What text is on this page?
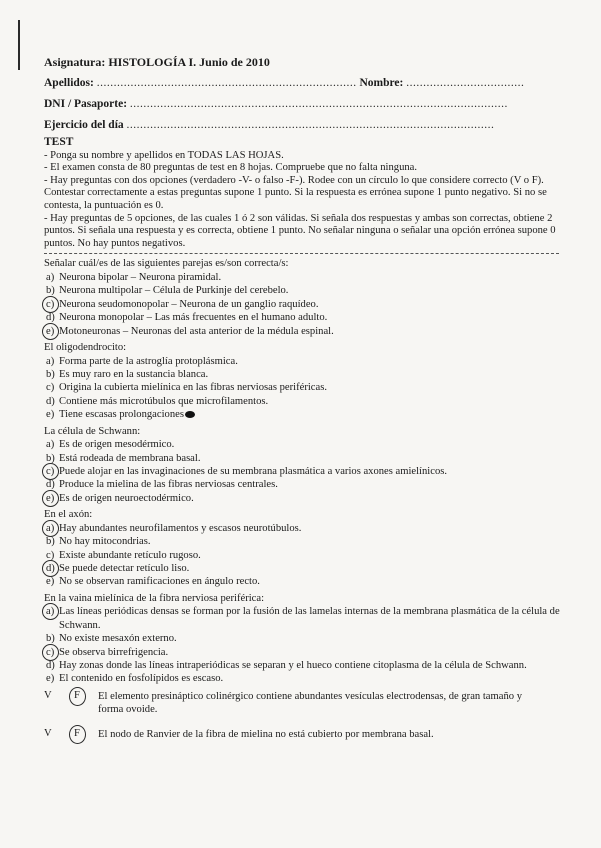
Asignatura: HISTOLOGÍA I. Junio de 2010
Apellidos: ............................................................................. Nombre: ...................................
DNI / Pasaporte: ................................................................................................................
Ejercicio del día .............................................................................................................
TEST

- Ponga su nombre y apellidos en TODAS LAS HOJAS.

- El examen consta de 80 preguntas de test en 8 hojas. Compruebe que no falta ninguna.

- Hay preguntas con dos opciones (verdadero -V- o falso -F-). Rodee con un círculo lo que considere correcto (V o F). Contestar correctamente a estas preguntas supone 1 punto. Si la respuesta es errónea supone 1 punto negativo. Si no se contesta, la puntuación es 0.

- Hay preguntas de 5 opciones, de las cuales 1 ó 2 son válidas. Si señala dos respuestas y ambas son correctas, obtiene 2 puntos. Si señala una respuesta y es correcta, obtiene 1 punto. No señalar ninguna o señalar una opción errónea supone 0 puntos. No hay puntos negativos.

Señalar cuál/es de las siguientes parejas es/son correcta/s:
a) Neurona bipolar – Neurona piramidal.
b) Neurona multipolar – Célula de Purkinje del cerebelo.
c) Neurona seudomonopolar – Neurona de un ganglio raquídeo.
d) Neurona monopolar – Las más frecuentes en el humano adulto.
e) Motoneuronas – Neuronas del asta anterior de la médula espinal.
El oligodendrocito:
a) Forma parte de la astroglía protoplásmica.
b) Es muy raro en la sustancia blanca.
c) Origina la cubierta mielínica en las fibras nerviosas periféricas.
d) Contiene más microtúbulos que microfilamentos.
e) Tiene escasas prolongaciones
La célula de Schwann:
a) Es de origen mesodérmico.
b) Está rodeada de membrana basal.
c) Puede alojar en las invaginaciones de su membrana plasmática a varios axones amielínicos.
d) Produce la mielina de las fibras nerviosas centrales.
e) Es de origen neuroectodérmico.
En el axón:
a) Hay abundantes neurofilamentos y escasos neurotúbulos.
b) No hay mitocondrias.
c) Existe abundante retículo rugoso.
d) Se puede detectar retículo liso.
e) No se observan ramificaciones en ángulo recto.
En la vaina mielínica de la fibra nerviosa periférica:
a) Las líneas periódicas densas se forman por la fusión de las lamelas internas de la membrana plasmática de la célula de Schwann.
b) No existe mesaxón externo.
c) Se observa birrefrigencia.
d) Hay zonas donde las líneas intraperiódicas se separan y el hueco contiene citoplasma de la célula de Schwann.
e) El contenido en fosfolípidos es escaso.
V F El elemento presináptico colinérgico contiene abundantes vesículas electrodensas, de gran tamaño y forma ovoide.
V F El nodo de Ranvier de la fibra de mielina no está cubierto por membrana basal.
